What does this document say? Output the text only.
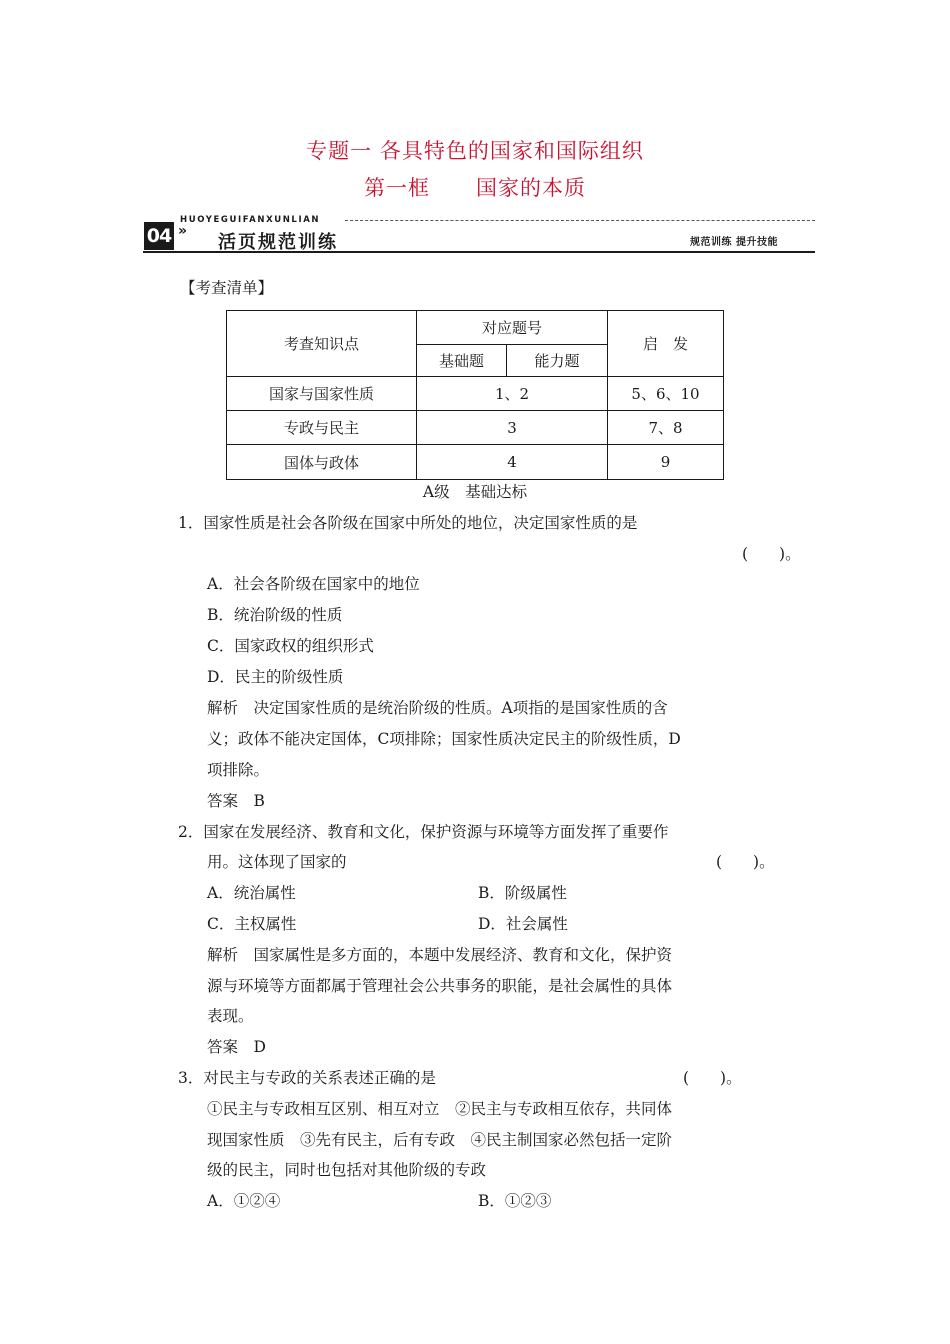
专题一 各具特色的国家和国际组织
第一框 国家的本质
HUOYEGUIFANXUNLIAN
04 »
活页规范训练	规范训练 提升技能
【考查清单】
考查知识点	对应题号		启　发
	基础题	能力题	
国家与国家性质	1、2		5、6、10
专政与民主	3		7、8
国体与政体	4		9
A级　基础达标
1．国家性质是社会各阶级在国家中所处的地位，决定国家性质的是
(　　)。
A．社会各阶级在国家中的地位
B．统治阶级的性质
C．国家政权的组织形式
D．民主的阶级性质
解析　决定国家性质的是统治阶级的性质。A项指的是国家性质的含
义；政体不能决定国体，C项排除；国家性质决定民主的阶级性质，D
项排除。
答案　B
2．国家在发展经济、教育和文化，保护资源与环境等方面发挥了重要作
用。这体现了国家的	(　　)。
A．统治属性	B．阶级属性
C．主权属性	D．社会属性
解析　国家属性是多方面的，本题中发展经济、教育和文化，保护资
源与环境等方面都属于管理社会公共事务的职能，是社会属性的具体
表现。
答案　D
3．对民主与专政的关系表述正确的是	(　　)。
①民主与专政相互区别、相互对立　②民主与专政相互依存，共同体
现国家性质　③先有民主，后有专政　④民主制国家必然包括一定阶
级的民主，同时也包括对其他阶级的专政
A．①②④	B．①②③
